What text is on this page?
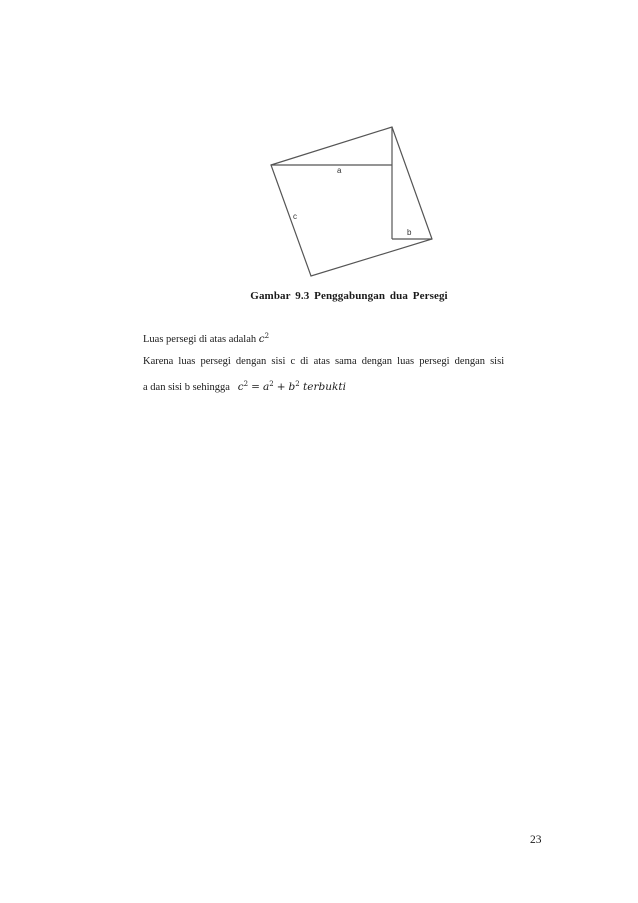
a
c
b
Gambar 9.3 Penggabungan dua Persegi
Luas persegi di atas adalah $c^2$
Karena luas persegi dengan sisi c di atas sama dengan luas persegi dengan sisi
a dan sisi b sehingga $c^2 = a^2 + b^2$ terbukti
23
